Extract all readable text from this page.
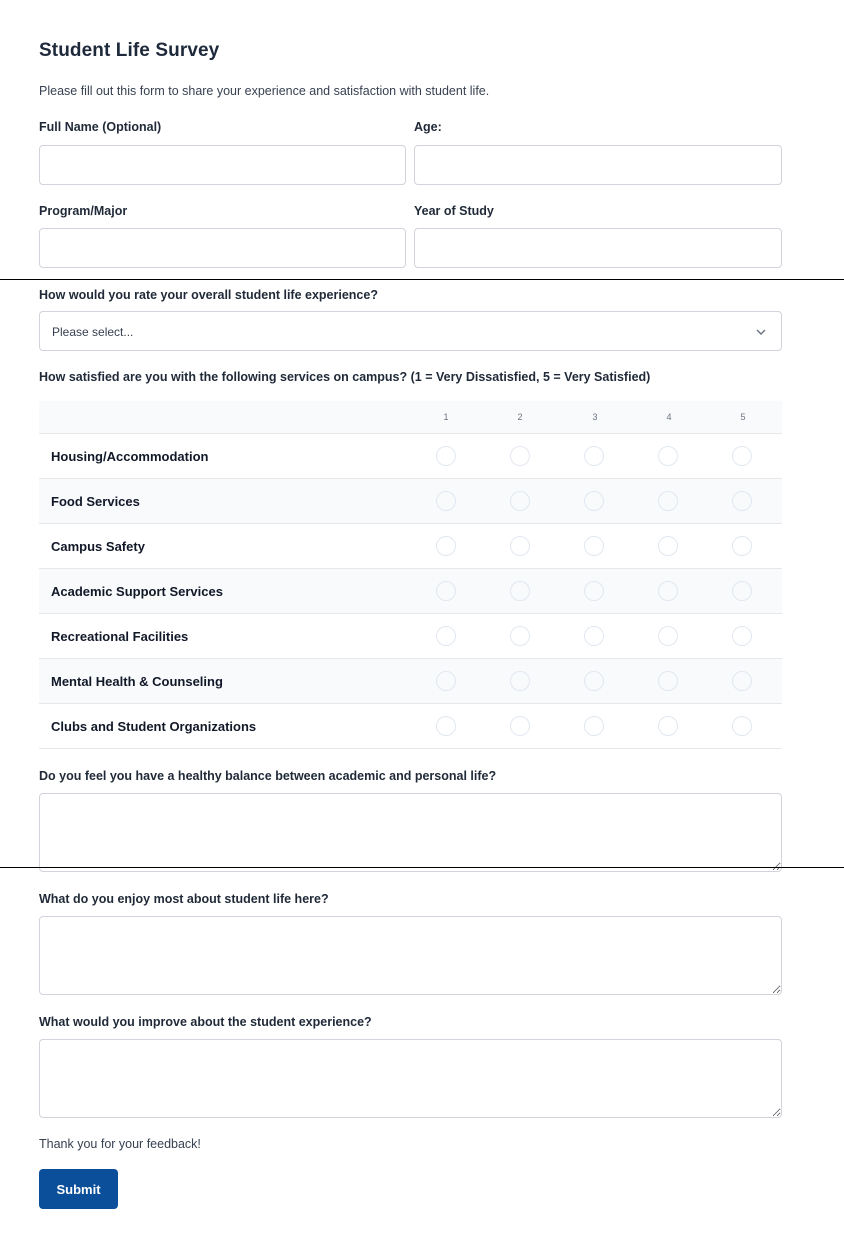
Student Life Survey
Please fill out this form to share your experience and satisfaction with student life.
Full Name (Optional)	Age:
Program/Major	Year of Study
How would you rate your overall student life experience?
Please select...
How satisfied are you with the following services on campus? (1 = Very Dissatisfied, 5 = Very Satisfied)
1	2	3	4	5
Housing/Accommodation
Food Services
Campus Safety
Academic Support Services
Recreational Facilities
Mental Health & Counseling
Clubs and Student Organizations
Do you feel you have a healthy balance between academic and personal life?
What do you enjoy most about student life here?
What would you improve about the student experience?
Thank you for your feedback!
Submit
